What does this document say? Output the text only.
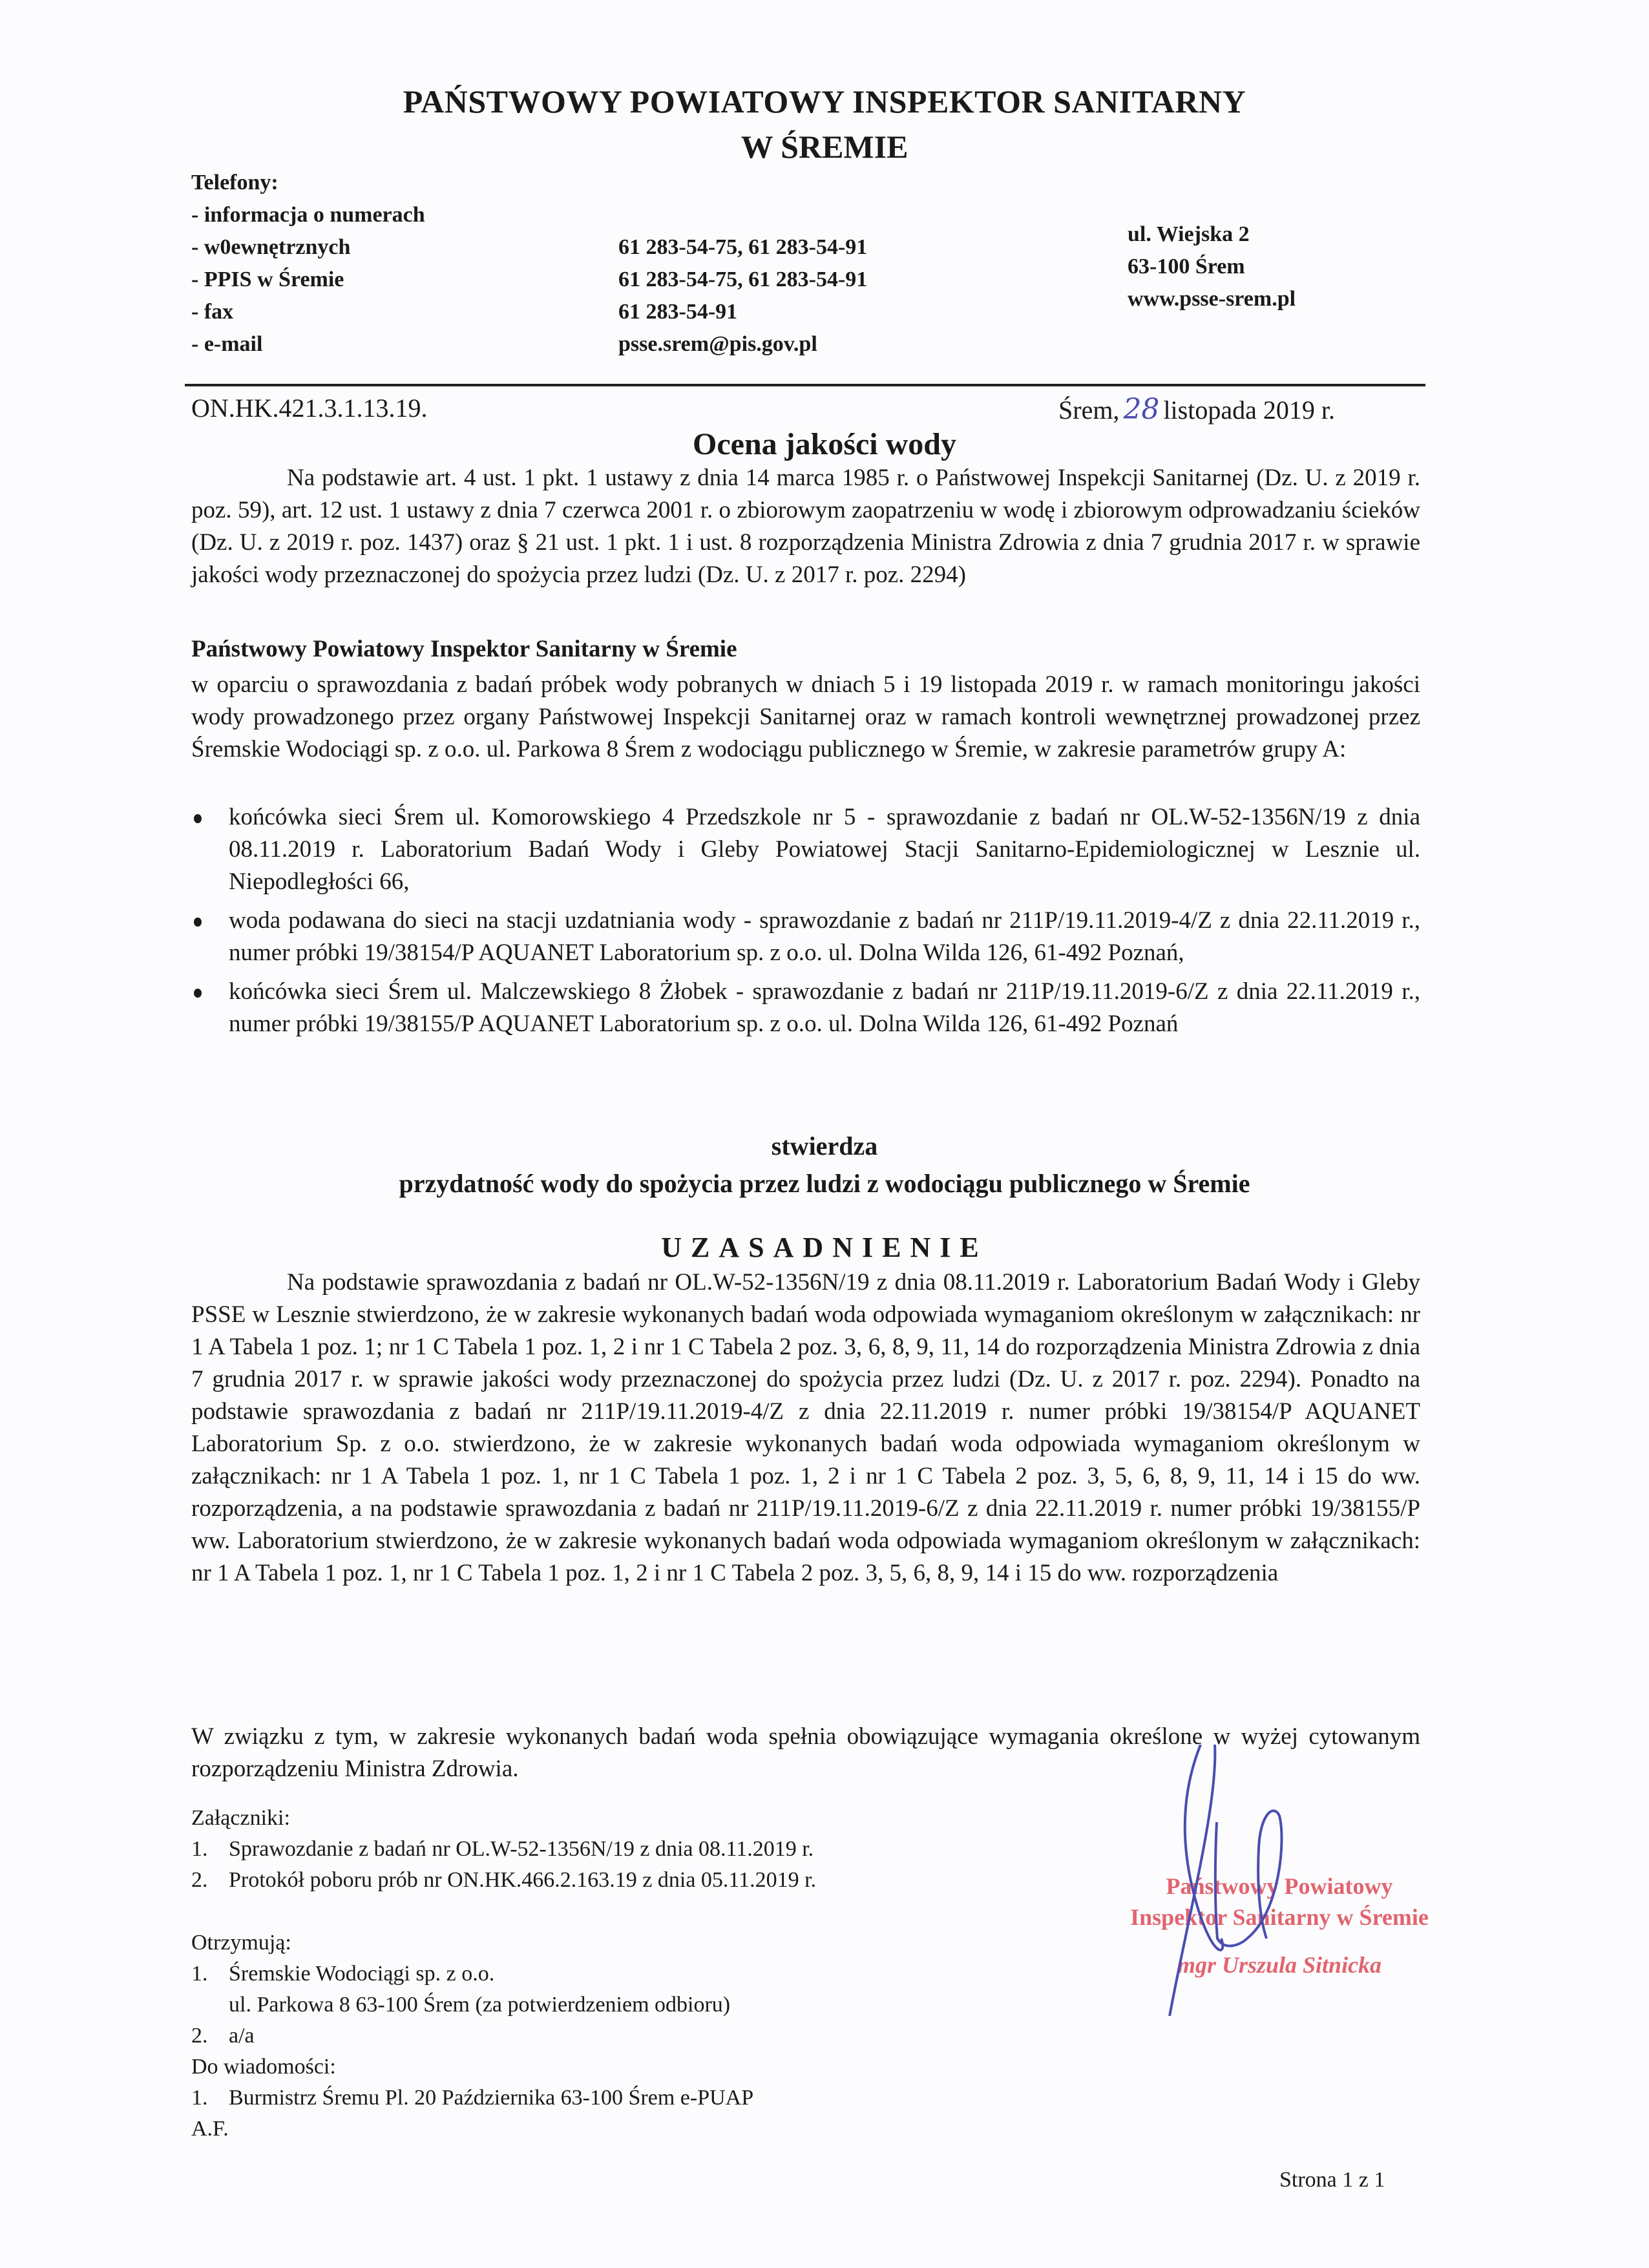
PAŃSTWOWY POWIATOWY INSPEKTOR SANITARNY
W ŚREMIE
Telefony:
- informacja o numerach
- w0ewnętrznych
- PPIS w Śremie
- fax
- e-mail
61 283-54-75, 61 283-54-91
61 283-54-75, 61 283-54-91
61 283-54-91
psse.srem@pis.gov.pl
ul. Wiejska 2
63-100 Śrem
www.psse-srem.pl
ON.HK.421.3.1.13.19.	Śrem, 28 listopada 2019 r.
Ocena jakości wody
Na podstawie art. 4 ust. 1 pkt. 1 ustawy z dnia 14 marca 1985 r. o Państwowej Inspekcji Sanitarnej (Dz. U. z 2019 r. poz. 59), art. 12 ust. 1 ustawy z dnia 7 czerwca 2001 r. o zbiorowym zaopatrzeniu w wodę i zbiorowym odprowadzaniu ścieków (Dz. U. z 2019 r. poz. 1437) oraz § 21 ust. 1 pkt. 1 i ust. 8 rozporządzenia Ministra Zdrowia z dnia 7 grudnia 2017 r. w sprawie jakości wody przeznaczonej do spożycia przez ludzi (Dz. U. z 2017 r. poz. 2294)
Państwowy Powiatowy Inspektor Sanitarny w Śremie
w oparciu o sprawozdania z badań próbek wody pobranych w dniach 5 i 19 listopada 2019 r. w ramach monitoringu jakości wody prowadzonego przez organy Państwowej Inspekcji Sanitarnej oraz w ramach kontroli wewnętrznej prowadzonej przez Śremskie Wodociągi sp. z o.o. ul. Parkowa 8 Śrem z wodociągu publicznego w Śremie, w zakresie parametrów grupy A:
końcówka sieci Śrem ul. Komorowskiego 4 Przedszkole nr 5 - sprawozdanie z badań nr OL.W-52-1356N/19 z dnia 08.11.2019 r. Laboratorium Badań Wody i Gleby Powiatowej Stacji Sanitarno-Epidemiologicznej w Lesznie ul. Niepodległości 66,
woda podawana do sieci na stacji uzdatniania wody - sprawozdanie z badań nr 211P/19.11.2019-4/Z z dnia 22.11.2019 r., numer próbki 19/38154/P AQUANET Laboratorium sp. z o.o. ul. Dolna Wilda 126, 61-492 Poznań,
końcówka sieci Śrem ul. Malczewskiego 8 Żłobek - sprawozdanie z badań nr 211P/19.11.2019-6/Z z dnia 22.11.2019 r., numer próbki 19/38155/P AQUANET Laboratorium sp. z o.o. ul. Dolna Wilda 126, 61-492 Poznań
stwierdza
przydatność wody do spożycia przez ludzi z wodociągu publicznego w Śremie
UZASADNIENIE
Na podstawie sprawozdania z badań nr OL.W-52-1356N/19 z dnia 08.11.2019 r. Laboratorium Badań Wody i Gleby PSSE w Lesznie stwierdzono, że w zakresie wykonanych badań woda odpowiada wymaganiom określonym w załącznikach: nr 1 A Tabela 1 poz. 1; nr 1 C Tabela 1 poz. 1, 2 i nr 1 C Tabela 2 poz. 3, 6, 8, 9, 11, 14 do rozporządzenia Ministra Zdrowia z dnia 7 grudnia 2017 r. w sprawie jakości wody przeznaczonej do spożycia przez ludzi (Dz. U. z 2017 r. poz. 2294). Ponadto na podstawie sprawozdania z badań nr 211P/19.11.2019-4/Z z dnia 22.11.2019 r. numer próbki 19/38154/P AQUANET Laboratorium Sp. z o.o. stwierdzono, że w zakresie wykonanych badań woda odpowiada wymaganiom określonym w załącznikach: nr 1 A Tabela 1 poz. 1, nr 1 C Tabela 1 poz. 1, 2 i nr 1 C Tabela 2 poz. 3, 5, 6, 8, 9, 11, 14 i 15 do ww. rozporządzenia, a na podstawie sprawozdania z badań nr 211P/19.11.2019-6/Z z dnia 22.11.2019 r. numer próbki 19/38155/P ww. Laboratorium stwierdzono, że w zakresie wykonanych badań woda odpowiada wymaganiom określonym w załącznikach: nr 1 A Tabela 1 poz. 1, nr 1 C Tabela 1 poz. 1, 2 i nr 1 C Tabela 2 poz. 3, 5, 6, 8, 9, 14 i 15 do ww. rozporządzenia
W związku z tym, w zakresie wykonanych badań woda spełnia obowiązujące wymagania określone w wyżej cytowanym rozporządzeniu Ministra Zdrowia.
Załączniki:
1. Sprawozdanie z badań nr OL.W-52-1356N/19 z dnia 08.11.2019 r.
2. Protokół poboru prób nr ON.HK.466.2.163.19 z dnia 05.11.2019 r.
Otrzymują:
1. Śremskie Wodociągi sp. z o.o.
ul. Parkowa 8 63-100 Śrem (za potwierdzeniem odbioru)
2. a/a
Do wiadomości:
1. Burmistrz Śremu Pl. 20 Października 63-100 Śrem e-PUAP
A.F.
Państwowy Powiatowy
Inspektor Sanitarny w Śremie
mgr Urszula Sitnicka
Strona 1 z 1
